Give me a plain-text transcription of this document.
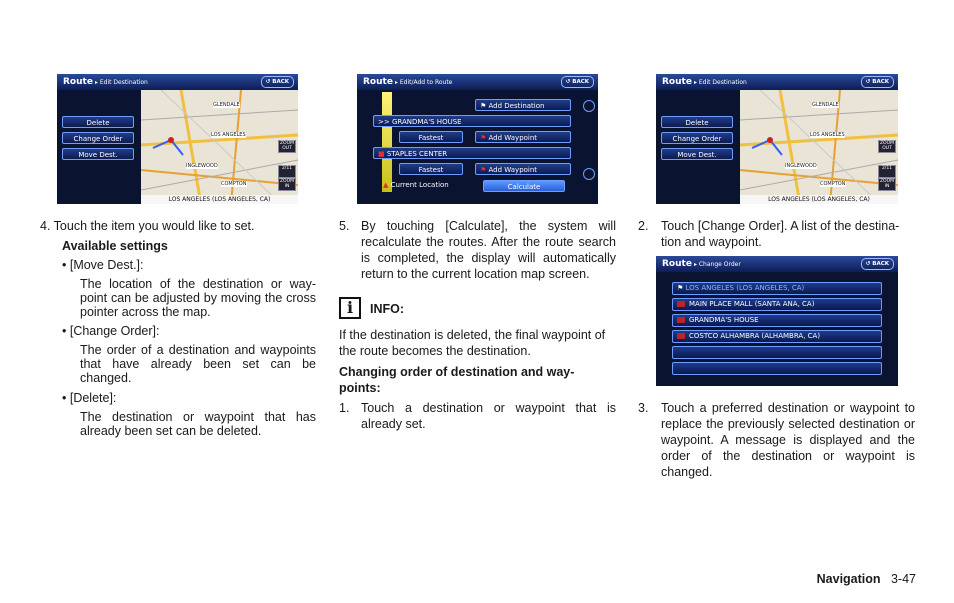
Route ▸ Edit Destination	↺ BACK
Delete
Change Order
Move Dest.
GLENDALE
LOS ANGELES
INGLEWOOD
COMPTON
ZOOM OUT
2/11
ZOOM IN
LOS ANGELES (LOS ANGELES, CA)
Route ▸ Edit/Add to Route	↺ BACK
⚑ Add Destination
>> GRANDMA'S HOUSE
Fastest	⚑ Add Waypoint
■ STAPLES CENTER
Fastest	⚑ Add Waypoint
▲ Current Location	Calculate
Route ▸ Edit Destination	↺ BACK
Delete
Change Order
Move Dest.
GLENDALE
LOS ANGELES
INGLEWOOD
COMPTON
ZOOM OUT
2/11
ZOOM IN
LOS ANGELES (LOS ANGELES, CA)
Route ▸ Change Order	↺ BACK
⚑ LOS ANGELES (LOS ANGELES, CA)
MAIN PLACE MALL (SANTA ANA, CA)
GRANDMA'S HOUSE
COSTCO ALHAMBRA (ALHAMBRA, CA)

4. Touch the item you would like to set.

Available settings

• [Move Dest.]:

The location of the destination or way-point can be adjusted by moving the cross pointer across the map.

• [Change Order]:

The order of a destination and waypoints that have already been set can be changed.

• [Delete]:

The destination or waypoint that has already been set can be deleted.

5. By touching [Calculate], the system will recalculate the routes. After the route search is completed, the display will automatically return to the current location map screen.

i	INFO:

If the destination is deleted, the final waypoint of the route becomes the destination.

Changing order of destination and way-points:

1. Touch a destination or waypoint that is already set.

2. Touch [Change Order]. A list of the destina-tion and waypoint.

3. Touch a preferred destination or waypoint to replace the previously selected destination or waypoint. A message is displayed and the order of the destination or waypoint is changed.

Navigation 3-47
